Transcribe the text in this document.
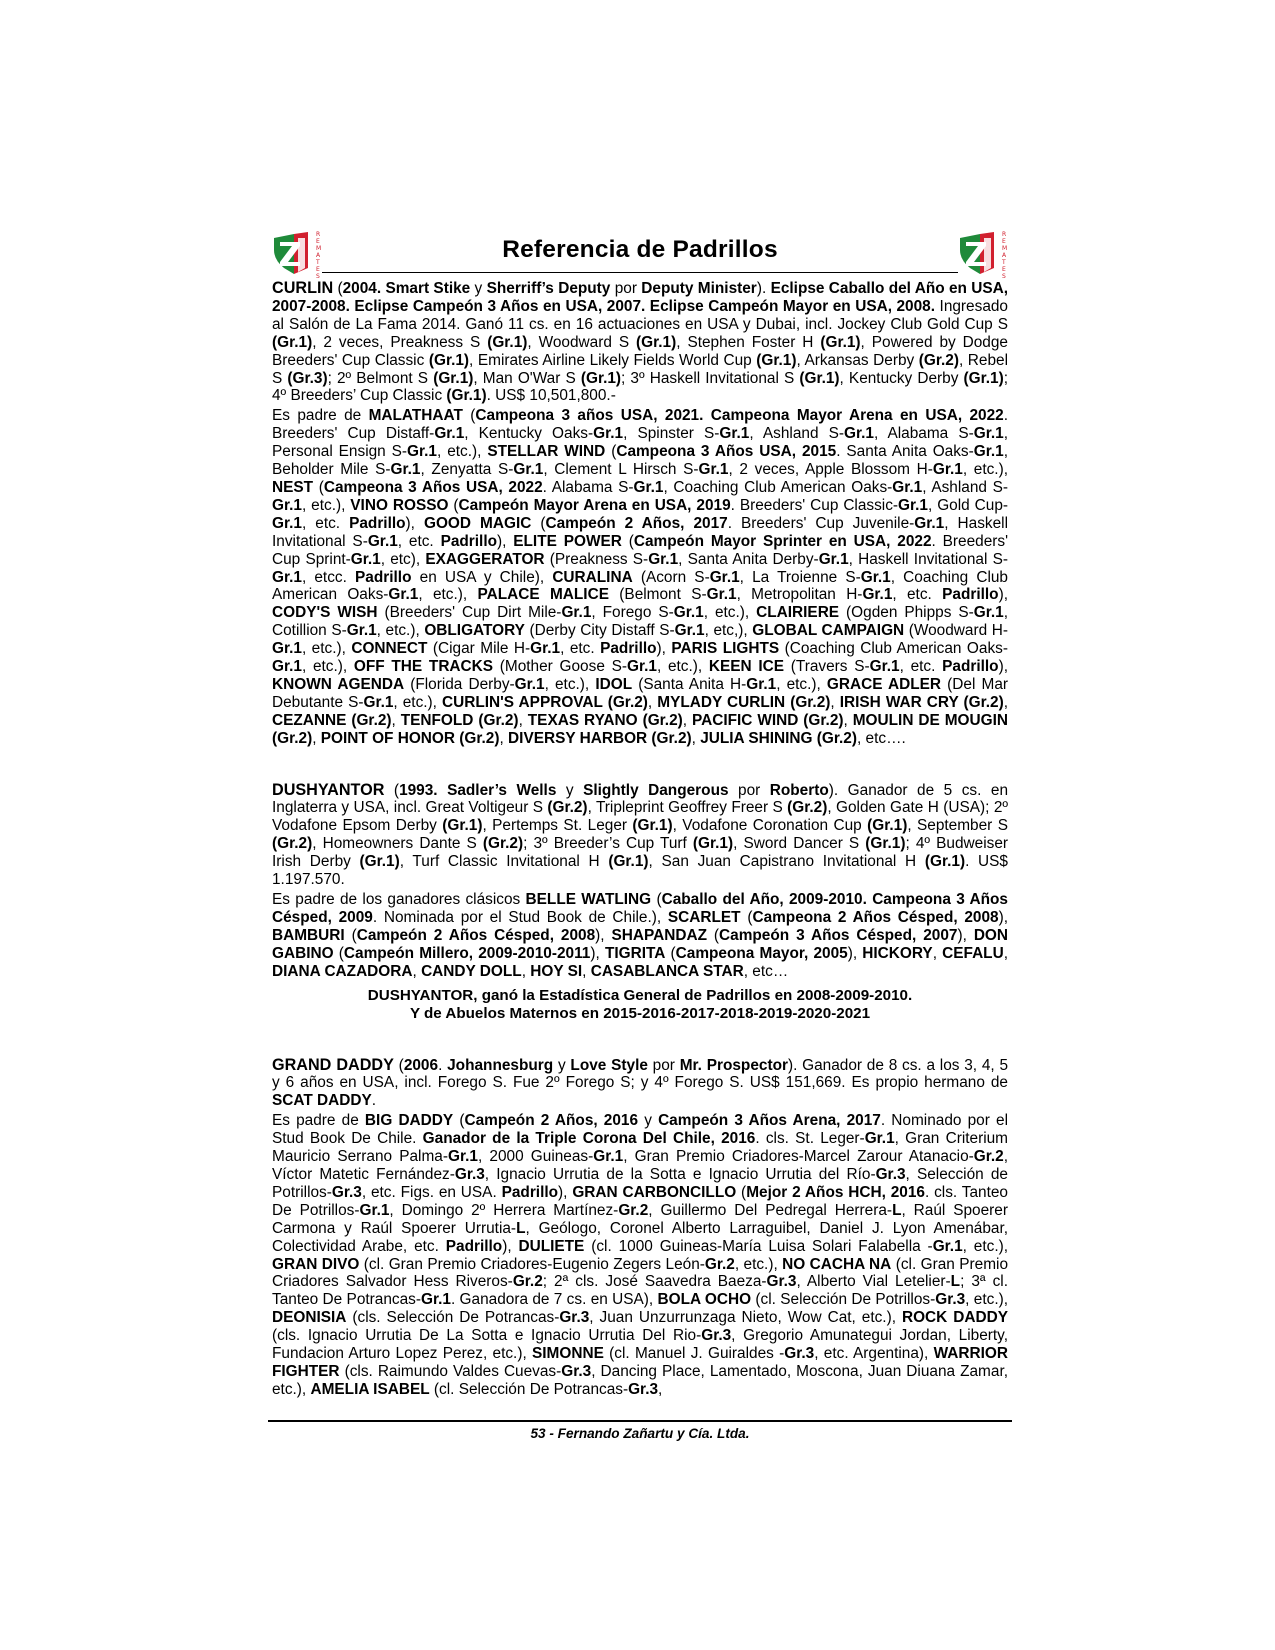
R
E
M
A
T
E
S
Referencia de Padrillos
R
E
M
A
T
E
S

CURLIN (2004. Smart Stike y Sherriff’s Deputy por Deputy Minister). Eclipse Caballo del Año en USA, 2007-2008. Eclipse Campeón 3 Años en USA, 2007. Eclipse Campeón Mayor en USA, 2008. Ingresado al Salón de La Fama 2014. Ganó 11 cs. en 16 actuaciones en USA y Dubai, incl. Jockey Club Gold Cup S (Gr.1), 2 veces, Preakness S (Gr.1), Woodward S (Gr.1), Stephen Foster H (Gr.1), Powered by Dodge Breeders' Cup Classic (Gr.1), Emirates Airline Likely Fields World Cup (Gr.1), Arkansas Derby (Gr.2), Rebel S (Gr.3); 2º Belmont S (Gr.1), Man O'War S (Gr.1); 3º Haskell Invitational S (Gr.1), Kentucky Derby (Gr.1); 4º Breeders’ Cup Classic (Gr.1). US$ 10,501,800.-

Es padre de MALATHAAT (Campeona 3 años USA, 2021. Campeona Mayor Arena en USA, 2022. Breeders' Cup Distaff-Gr.1, Kentucky Oaks-Gr.1, Spinster S-Gr.1, Ashland S-Gr.1, Alabama S-Gr.1, Personal Ensign S-Gr.1, etc.), STELLAR WIND (Campeona 3 Años USA, 2015. Santa Anita Oaks-Gr.1, Beholder Mile S-Gr.1, Zenyatta S-Gr.1, Clement L Hirsch S-Gr.1, 2 veces, Apple Blossom H-Gr.1, etc.), NEST (Campeona 3 Años USA, 2022. Alabama S-Gr.1, Coaching Club American Oaks-Gr.1, Ashland S-Gr.1, etc.), VINO ROSSO (Campeón Mayor Arena en USA, 2019. Breeders' Cup Classic-Gr.1, Gold Cup-Gr.1, etc. Padrillo), GOOD MAGIC (Campeón 2 Años, 2017. Breeders' Cup Juvenile-Gr.1, Haskell Invitational S-Gr.1, etc. Padrillo), ELITE POWER (Campeón Mayor Sprinter en USA, 2022. Breeders' Cup Sprint-Gr.1, etc), EXAGGERATOR (Preakness S-Gr.1, Santa Anita Derby-Gr.1, Haskell Invitational S-Gr.1, etcc. Padrillo en USA y Chile), CURALINA (Acorn S-Gr.1, La Troienne S-Gr.1, Coaching Club American Oaks-Gr.1, etc.), PALACE MALICE (Belmont S-Gr.1, Metropolitan H-Gr.1, etc. Padrillo), CODY'S WISH (Breeders' Cup Dirt Mile-Gr.1, Forego S-Gr.1, etc.), CLAIRIERE (Ogden Phipps S-Gr.1, Cotillion S-Gr.1, etc.), OBLIGATORY (Derby City Distaff S-Gr.1, etc,), GLOBAL CAMPAIGN (Woodward H-Gr.1, etc.), CONNECT (Cigar Mile H-Gr.1, etc. Padrillo), PARIS LIGHTS (Coaching Club American Oaks-Gr.1, etc.), OFF THE TRACKS (Mother Goose S-Gr.1, etc.), KEEN ICE (Travers S-Gr.1, etc. Padrillo), KNOWN AGENDA (Florida Derby-Gr.1, etc.), IDOL (Santa Anita H-Gr.1, etc.), GRACE ADLER (Del Mar Debutante S-Gr.1, etc.), CURLIN'S APPROVAL (Gr.2), MYLADY CURLIN (Gr.2), IRISH WAR CRY (Gr.2), CEZANNE (Gr.2), TENFOLD (Gr.2), TEXAS RYANO (Gr.2), PACIFIC WIND (Gr.2), MOULIN DE MOUGIN (Gr.2), POINT OF HONOR (Gr.2), DIVERSY HARBOR (Gr.2), JULIA SHINING (Gr.2), etc….

DUSHYANTOR (1993. Sadler’s Wells y Slightly Dangerous por Roberto). Ganador de 5 cs. en Inglaterra y USA, incl. Great Voltigeur S (Gr.2), Tripleprint Geoffrey Freer S (Gr.2), Golden Gate H (USA); 2º Vodafone Epsom Derby (Gr.1), Pertemps St. Leger (Gr.1), Vodafone Coronation Cup (Gr.1), September S (Gr.2), Homeowners Dante S (Gr.2); 3º Breeder’s Cup Turf (Gr.1), Sword Dancer S (Gr.1); 4º Budweiser Irish Derby (Gr.1), Turf Classic Invitational H (Gr.1), San Juan Capistrano Invitational H (Gr.1). US$ 1.197.570.

Es padre de los ganadores clásicos BELLE WATLING (Caballo del Año, 2009-2010. Campeona 3 Años Césped, 2009. Nominada por el Stud Book de Chile.), SCARLET (Campeona 2 Años Césped, 2008), BAMBURI (Campeón 2 Años Césped, 2008), SHAPANDAZ (Campeón 3 Años Césped, 2007), DON GABINO (Campeón Millero, 2009-2010-2011), TIGRITA (Campeona Mayor, 2005), HICKORY, CEFALU, DIANA CAZADORA, CANDY DOLL, HOY SI, CASABLANCA STAR, etc…

DUSHYANTOR, ganó la Estadística General de Padrillos en 2008-2009-2010.
Y de Abuelos Maternos en 2015-2016-2017-2018-2019-2020-2021

GRAND DADDY (2006. Johannesburg y Love Style por Mr. Prospector). Ganador de 8 cs. a los 3, 4, 5 y 6 años en USA, incl. Forego S. Fue 2º Forego S; y 4º Forego S. US$ 151,669. Es propio hermano de SCAT DADDY.

Es padre de BIG DADDY (Campeón 2 Años, 2016 y Campeón 3 Años Arena, 2017. Nominado por el Stud Book De Chile. Ganador de la Triple Corona Del Chile, 2016. cls. St. Leger-Gr.1, Gran Criterium Mauricio Serrano Palma-Gr.1, 2000 Guineas-Gr.1, Gran Premio Criadores-Marcel Zarour Atanacio-Gr.2, Víctor Matetic Fernández-Gr.3, Ignacio Urrutia de la Sotta e Ignacio Urrutia del Río-Gr.3, Selección de Potrillos-Gr.3, etc. Figs. en USA. Padrillo), GRAN CARBONCILLO (Mejor 2 Años HCH, 2016. cls. Tanteo De Potrillos-Gr.1, Domingo 2º Herrera Martínez-Gr.2, Guillermo Del Pedregal Herrera-L, Raúl Spoerer Carmona y Raúl Spoerer Urrutia-L, Geólogo, Coronel Alberto Larraguibel, Daniel J. Lyon Amenábar, Colectividad Arabe, etc. Padrillo), DULIETE (cl. 1000 Guineas-María Luisa Solari Falabella -Gr.1, etc.), GRAN DIVO (cl. Gran Premio Criadores-Eugenio Zegers León-Gr.2, etc.), NO CACHA NA (cl. Gran Premio Criadores Salvador Hess Riveros-Gr.2; 2ª cls. José Saavedra Baeza-Gr.3, Alberto Vial Letelier-L; 3ª cl. Tanteo De Potrancas-Gr.1. Ganadora de 7 cs. en USA), BOLA OCHO (cl. Selección De Potrillos-Gr.3, etc.), DEONISIA (cls. Selección De Potrancas-Gr.3, Juan Unzurrunzaga Nieto, Wow Cat, etc.), ROCK DADDY (cls. Ignacio Urrutia De La Sotta e Ignacio Urrutia Del Rio-Gr.3, Gregorio Amunategui Jordan, Liberty, Fundacion Arturo Lopez Perez, etc.), SIMONNE (cl. Manuel J. Guiraldes -Gr.3, etc. Argentina), WARRIOR FIGHTER (cls. Raimundo Valdes Cuevas-Gr.3, Dancing Place, Lamentado, Moscona, Juan Diuana Zamar, etc.), AMELIA ISABEL (cl. Selección De Potrancas-Gr.3,

53 - Fernando Zañartu y Cía. Ltda.
